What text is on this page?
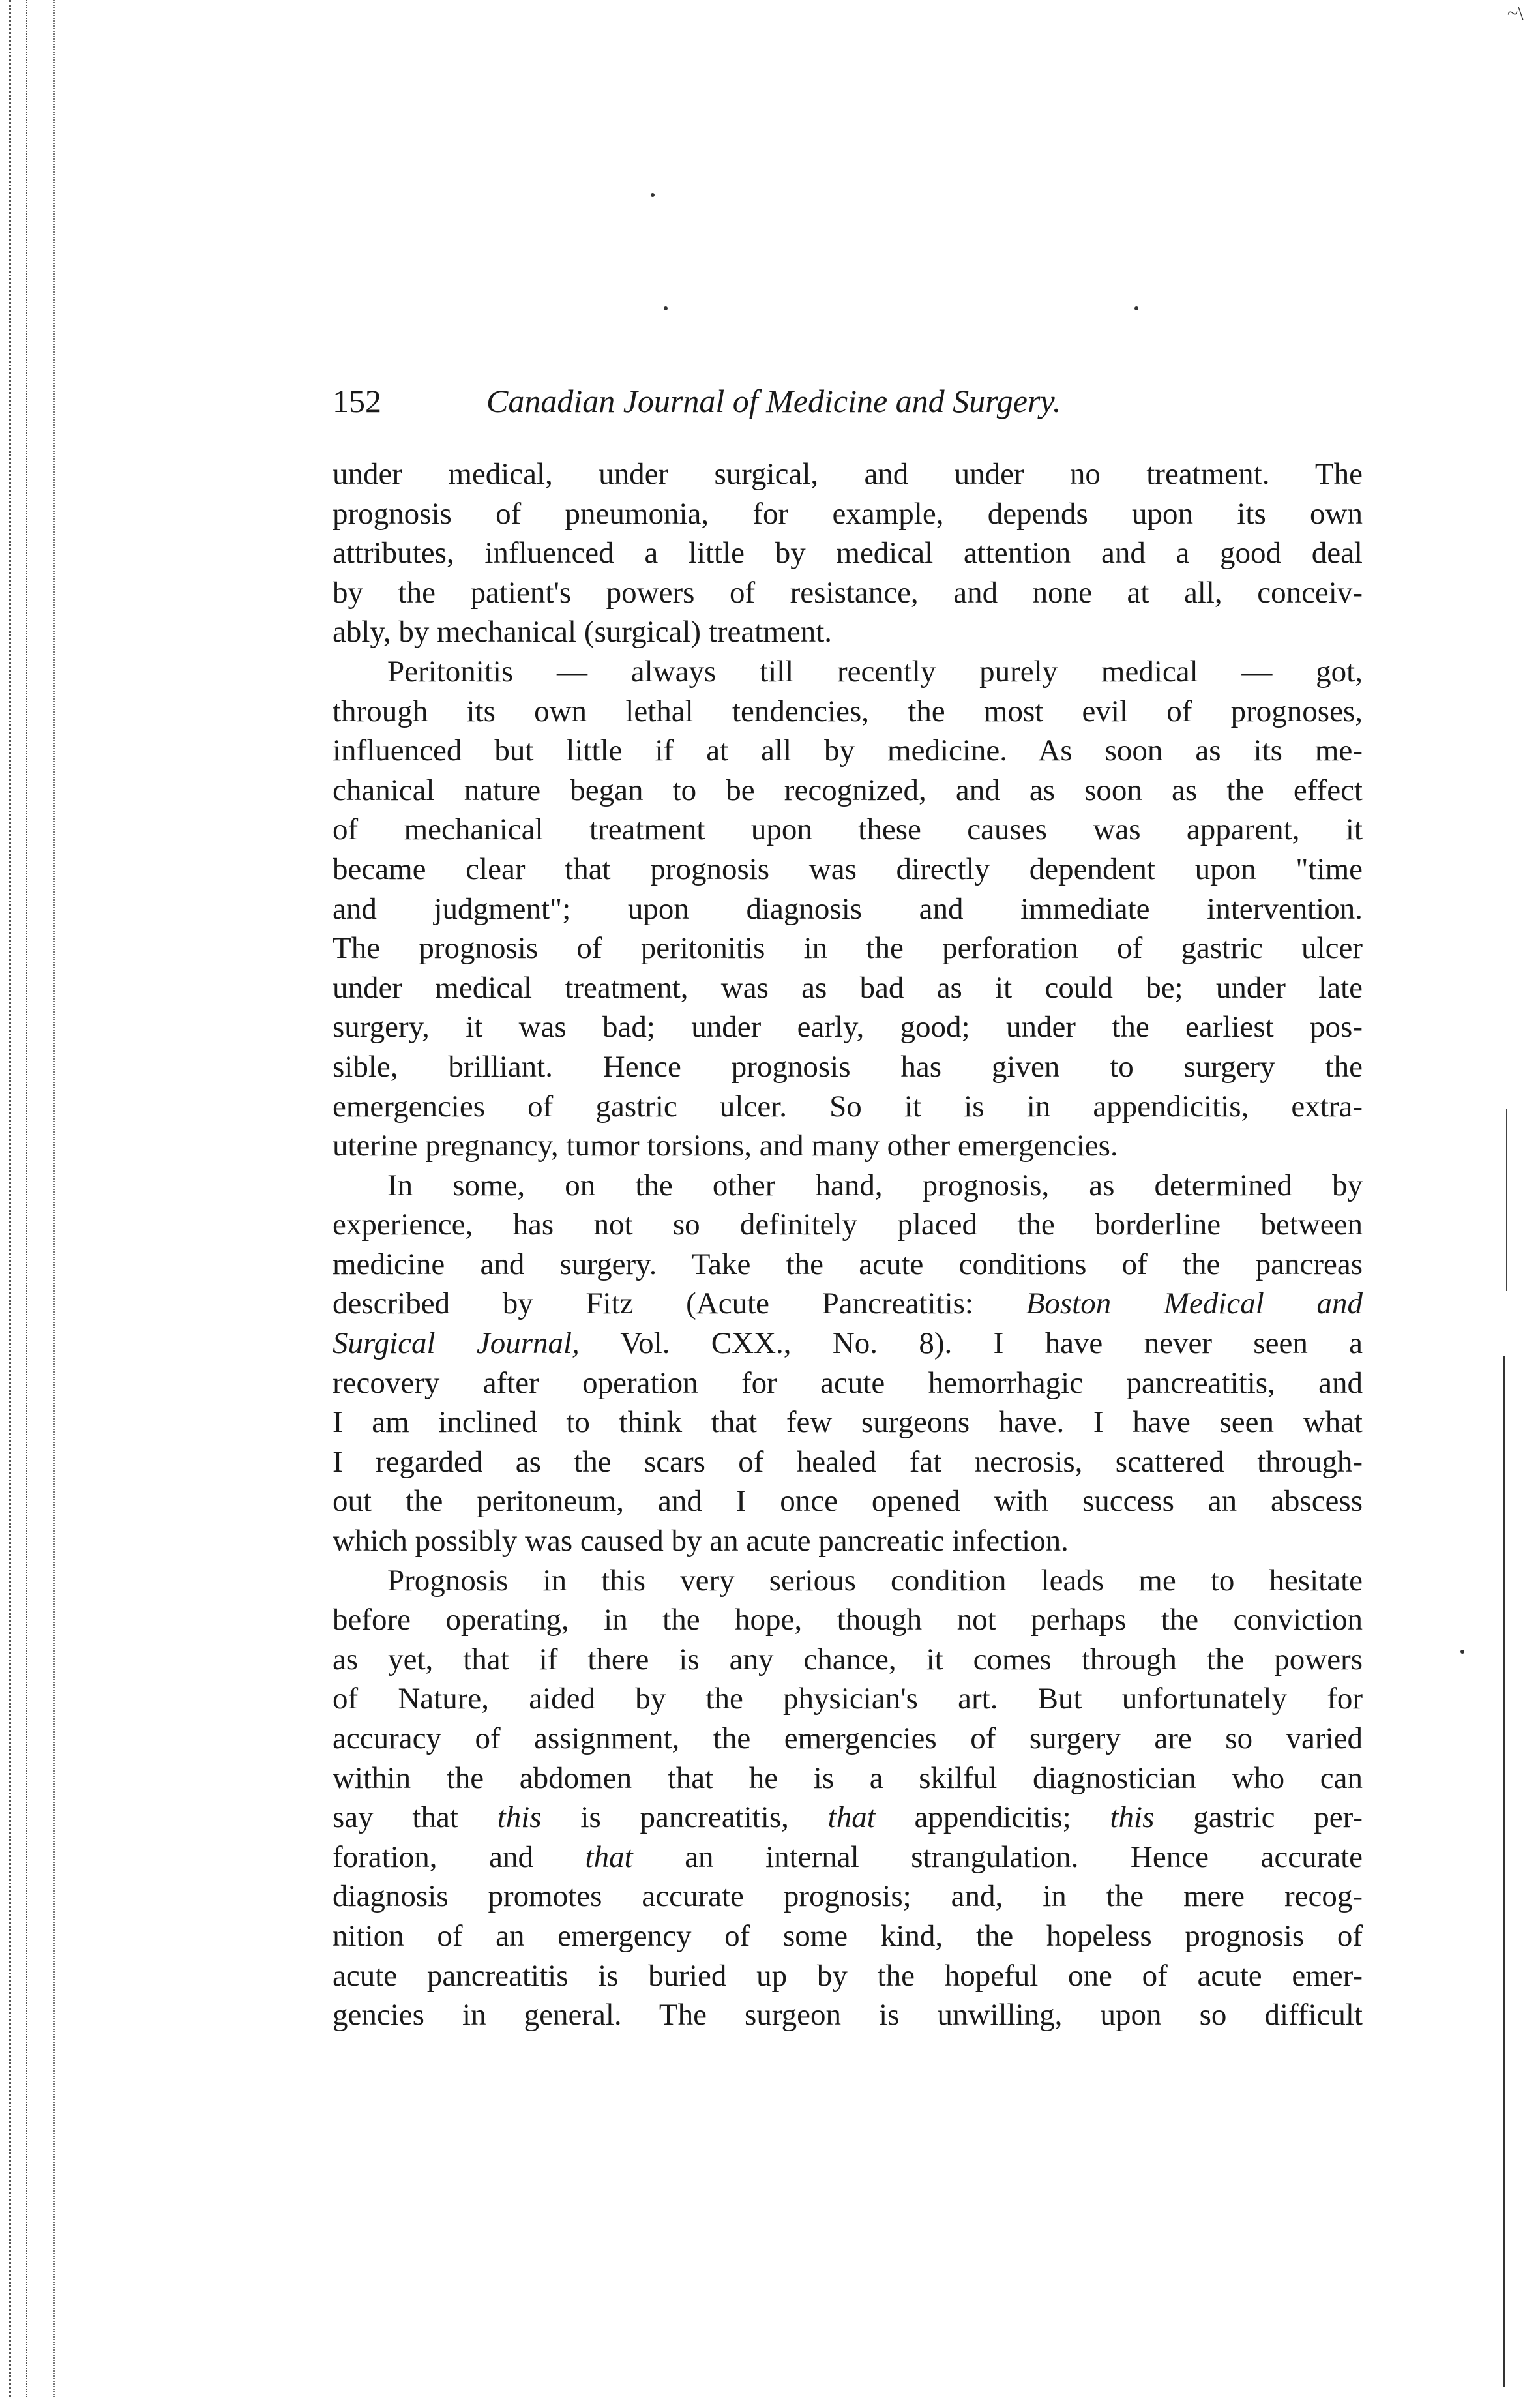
~\
152	Canadian Journal of Medicine and Surgery.

under medical, under surgical, and under no treatment. The
prognosis of pneumonia, for example, depends upon its own
attributes, influenced a little by medical attention and a good deal
by the patient's powers of resistance, and none at all, conceiv-
ably, by mechanical (surgical) treatment.

Peritonitis — always till recently purely medical — got,
through its own lethal tendencies, the most evil of prognoses,
influenced but little if at all by medicine. As soon as its me-
chanical nature began to be recognized, and as soon as the effect
of mechanical treatment upon these causes was apparent, it
became clear that prognosis was directly dependent upon "time
and judgment"; upon diagnosis and immediate intervention.
The prognosis of peritonitis in the perforation of gastric ulcer
under medical treatment, was as bad as it could be; under late
surgery, it was bad; under early, good; under the earliest pos-
sible, brilliant. Hence prognosis has given to surgery the
emergencies of gastric ulcer. So it is in appendicitis, extra-
uterine pregnancy, tumor torsions, and many other emergencies.

In some, on the other hand, prognosis, as determined by
experience, has not so definitely placed the borderline between
medicine and surgery. Take the acute conditions of the pancreas
described by Fitz (Acute Pancreatitis: Boston Medical and
Surgical Journal, Vol. CXX., No. 8). I have never seen a
recovery after operation for acute hemorrhagic pancreatitis, and
I am inclined to think that few surgeons have. I have seen what
I regarded as the scars of healed fat necrosis, scattered through-
out the peritoneum, and I once opened with success an abscess
which possibly was caused by an acute pancreatic infection.

Prognosis in this very serious condition leads me to hesitate
before operating, in the hope, though not perhaps the conviction
as yet, that if there is any chance, it comes through the powers
of Nature, aided by the physician's art. But unfortunately for
accuracy of assignment, the emergencies of surgery are so varied
within the abdomen that he is a skilful diagnostician who can
say that this is pancreatitis, that appendicitis; this gastric per-
foration, and that an internal strangulation. Hence accurate
diagnosis promotes accurate prognosis; and, in the mere recog-
nition of an emergency of some kind, the hopeless prognosis of
acute pancreatitis is buried up by the hopeful one of acute emer-
gencies in general. The surgeon is unwilling, upon so difficult
